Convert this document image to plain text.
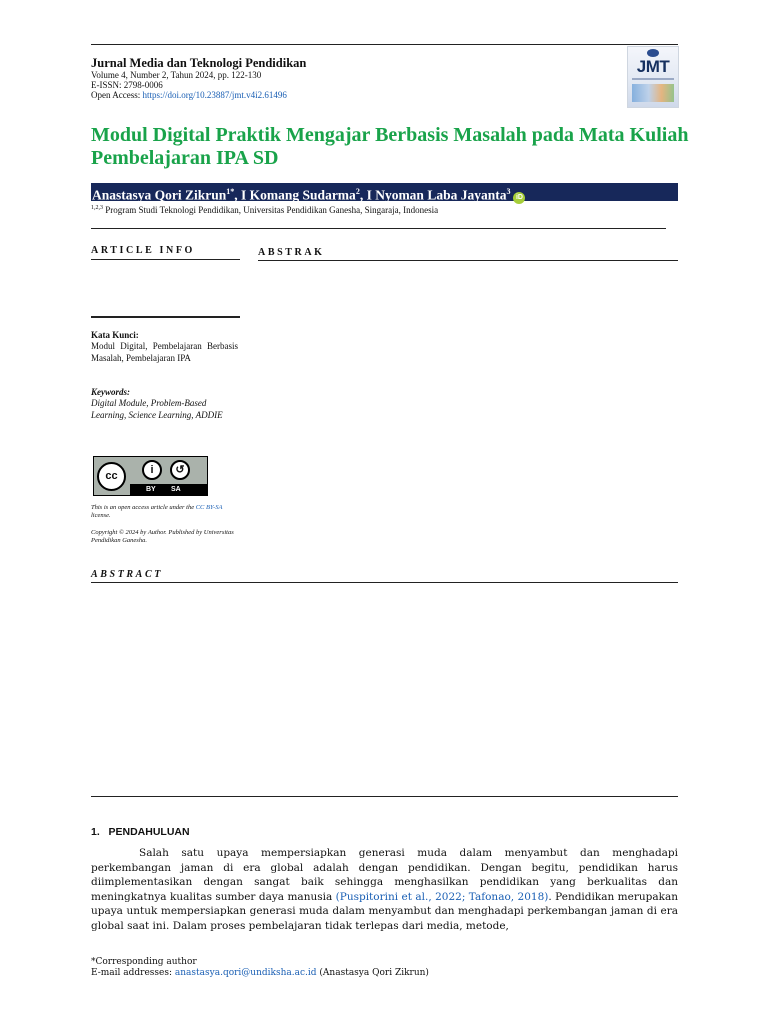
Jurnal Media dan Teknologi Pendidikan
Volume 4, Number 2, Tahun 2024, pp. 122-130
E-ISSN: 2798-0006
Open Access: https://doi.org/10.23887/jmt.v4i2.61496
JMT
Modul Digital Praktik Mengajar Berbasis Masalah pada Mata Kuliah Pembelajaran IPA SD
Anastasya Qori Zikrun$^{1*}$, I Komang Sudarma$^2$, I Nyoman Laba Jayanta$^3$iD
$^{1,2,3}$ Program Studi Teknologi Pendidikan, Universitas Pendidikan Ganesha, Singaraja, Indonesia
ARTICLE INFO
Kata Kunci:
Modul Digital, Pembelajaran Berbasis Masalah, Pembelajaran IPA
Keywords:
Digital Module, Problem-Based Learning, Science Learning, ADDIE
cc	i	↺
BY SA
This is an open access article under the CC BY-SA license.
Copyright © 2024 by Author. Published by Universitas Pendidikan Ganesha.
ABSTRAK
ABSTRACT
1.   PENDAHULUAN
Salah satu upaya mempersiapkan generasi muda dalam menyambut dan menghadapi perkembangan jaman di era global adalah dengan pendidikan. Dengan begitu, pendidikan harus diimplementasikan dengan sangat baik sehingga menghasilkan pendidikan yang berkualitas dan meningkatnya kualitas sumber daya manusia (Puspitorini et al., 2022; Tafonao, 2018). Pendidikan merupakan upaya untuk mempersiapkan generasi muda dalam menyambut dan menghadapi perkembangan jaman di era global saat ini. Dalam proses pembelajaran tidak terlepas dari media, metode,
*Corresponding author
E-mail addresses: anastasya.qori@undiksha.ac.id (Anastasya Qori Zikrun)
